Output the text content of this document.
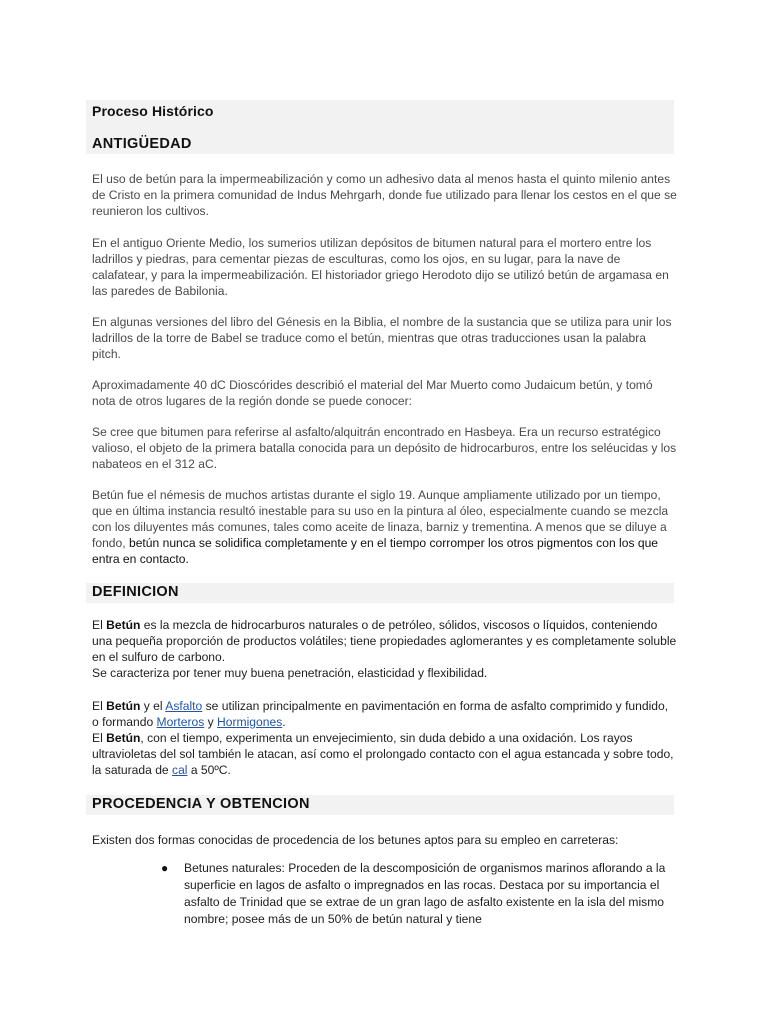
Proceso Histórico
ANTIGÜEDAD

El uso de betún para la impermeabilización y como un adhesivo data al menos hasta el quinto milenio antes de Cristo en la primera comunidad de Indus Mehrgarh, donde fue utilizado para llenar los cestos en el que se reunieron los cultivos.

En el antiguo Oriente Medio, los sumerios utilizan depósitos de bitumen natural para el mortero entre los ladrillos y piedras, para cementar piezas de esculturas, como los ojos, en su lugar, para la nave de calafatear, y para la impermeabilización. El historiador griego Herodoto dijo se utilizó betún de argamasa en las paredes de Babilonia.

En algunas versiones del libro del Génesis en la Biblia, el nombre de la sustancia que se utiliza para unir los ladrillos de la torre de Babel se traduce como el betún, mientras que otras traducciones usan la palabra pitch.

Aproximadamente 40 dC Dioscórides describió el material del Mar Muerto como Judaicum betún, y tomó nota de otros lugares de la región donde se puede conocer:

Se cree que bitumen para referirse al asfalto/alquitrán encontrado en Hasbeya. Era un recurso estratégico valioso, el objeto de la primera batalla conocida para un depósito de hidrocarburos, entre los seléucidas y los nabateos en el 312 aC.

Betún fue el némesis de muchos artistas durante el siglo 19. Aunque ampliamente utilizado por un tiempo, que en última instancia resultó inestable para su uso en la pintura al óleo, especialmente cuando se mezcla con los diluyentes más comunes, tales como aceite de linaza, barniz y trementina. A menos que se diluye a fondo, betún nunca se solidifica completamente y en el tiempo corromper los otros pigmentos con los que entra en contacto.

DEFINICION

El Betún es la mezcla de hidrocarburos naturales o de petróleo, sólidos, viscosos o líquidos, conteniendo una pequeña proporción de productos volátiles; tiene propiedades aglomerantes y es completamente soluble en el sulfuro de carbono.
Se caracteriza por tener muy buena penetración, elasticidad y flexibilidad.

El Betún y el Asfalto se utilizan principalmente en pavimentación en forma de asfalto comprimido y fundido, o formando Morteros y Hormigones.
El Betún, con el tiempo, experimenta un envejecimiento, sin duda debido a una oxidación. Los rayos ultravioletas del sol también le atacan, así como el prolongado contacto con el agua estancada y sobre todo, la saturada de cal a 50ºC.

PROCEDENCIA Y OBTENCION

Existen dos formas conocidas de procedencia de los betunes aptos para su empleo en carreteras:

● Betunes naturales: Proceden de la descomposición de organismos marinos aflorando a la superficie en lagos de asfalto o impregnados en las rocas. Destaca por su importancia el asfalto de Trinidad que se extrae de un gran lago de asfalto existente en la isla del mismo nombre; posee más de un 50% de betún natural y tiene
